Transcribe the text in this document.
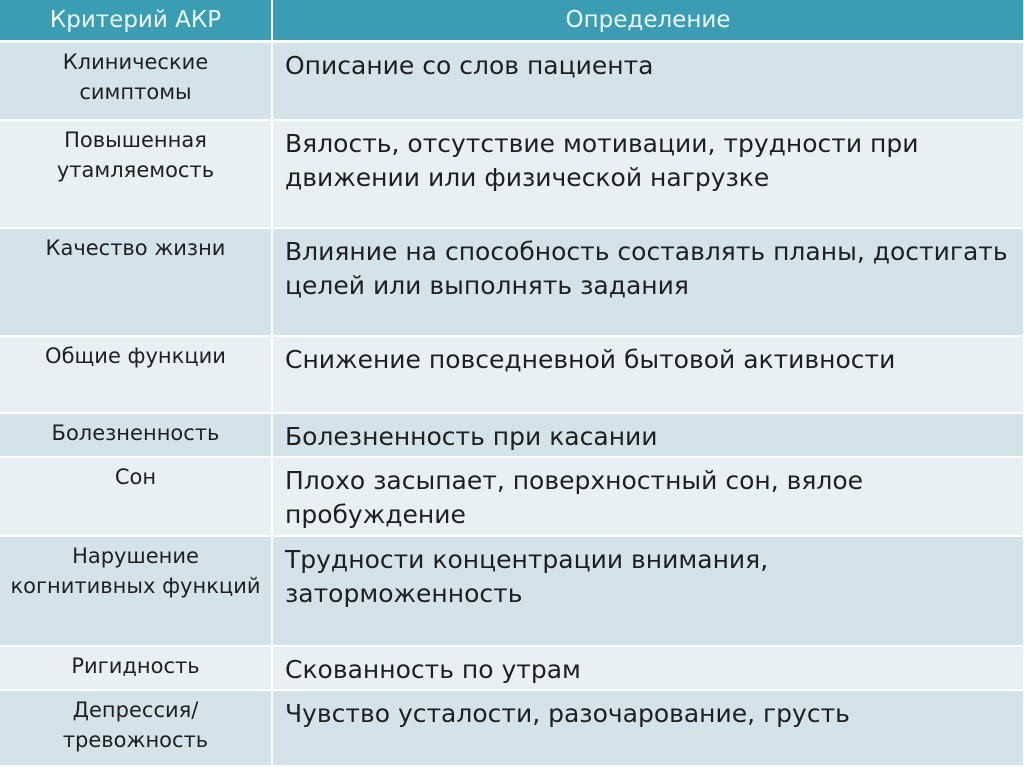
Критерий АКР	Определение
Клинические симптомы	Описание со слов пациента
Повышенная утамляемость	Вялость, отсутствие мотивации, трудности при движении или физической нагрузке
Качество жизни	Влияние на способность составлять планы, достигать целей или выполнять задания
Общие функции	Снижение повседневной бытовой активности
Болезненность	Болезненность при касании
Сон	Плохо засыпает, поверхностный сон, вялое пробуждение
Нарушение когнитивных функций	Трудности концентрации внимания, заторможенность
Ригидность	Скованность по утрам
Депрессия/тревожность	Чувство усталости, разочарование, грусть
